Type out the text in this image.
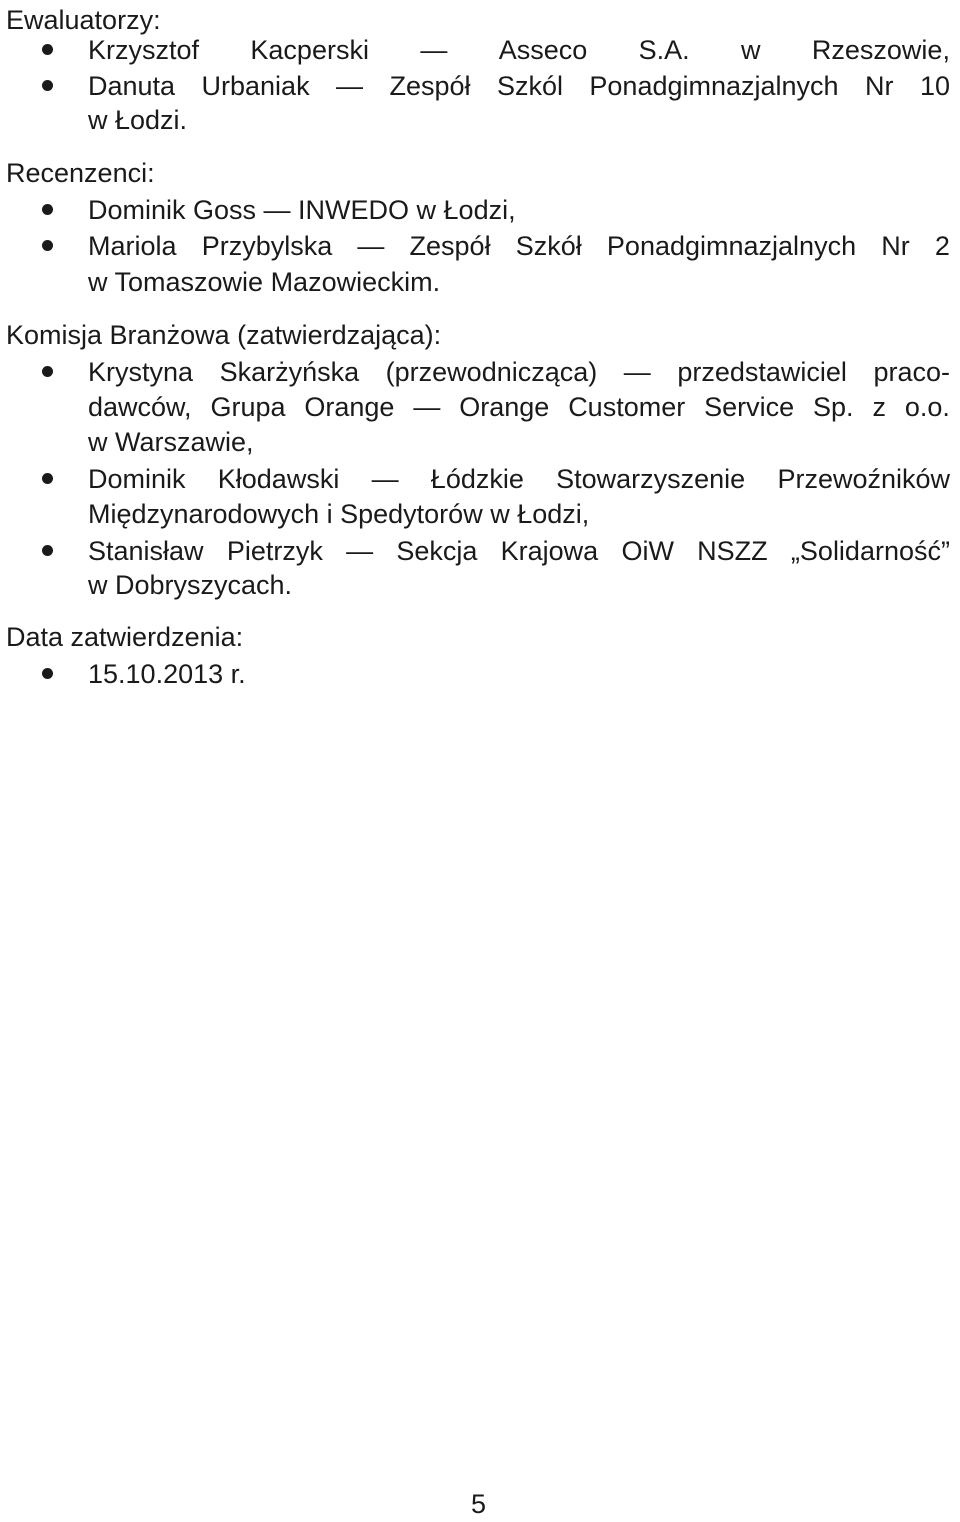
Ewaluatorzy:
Krzysztof Kacperski — Asseco S.A. w Rzeszowie,
Danuta Urbaniak — Zespół Szkól Ponadgimnazjalnych Nr 10
w Łodzi.
Recenzenci:
Dominik Goss — INWEDO w Łodzi,
Mariola Przybylska — Zespół Szkół Ponadgimnazjalnych Nr 2
w Tomaszowie Mazowieckim.
Komisja Branżowa (zatwierdzająca):
Krystyna Skarżyńska (przewodnicząca) — przedstawiciel praco-
dawców, Grupa Orange — Orange Customer Service Sp. z o.o.
w Warszawie,
Dominik Kłodawski — Łódzkie Stowarzyszenie Przewoźników
Międzynarodowych i Spedytorów w Łodzi,
Stanisław Pietrzyk — Sekcja Krajowa OiW NSZZ „Solidarność”
w Dobryszycach.
Data zatwierdzenia:
15.10.2013 r.
5
